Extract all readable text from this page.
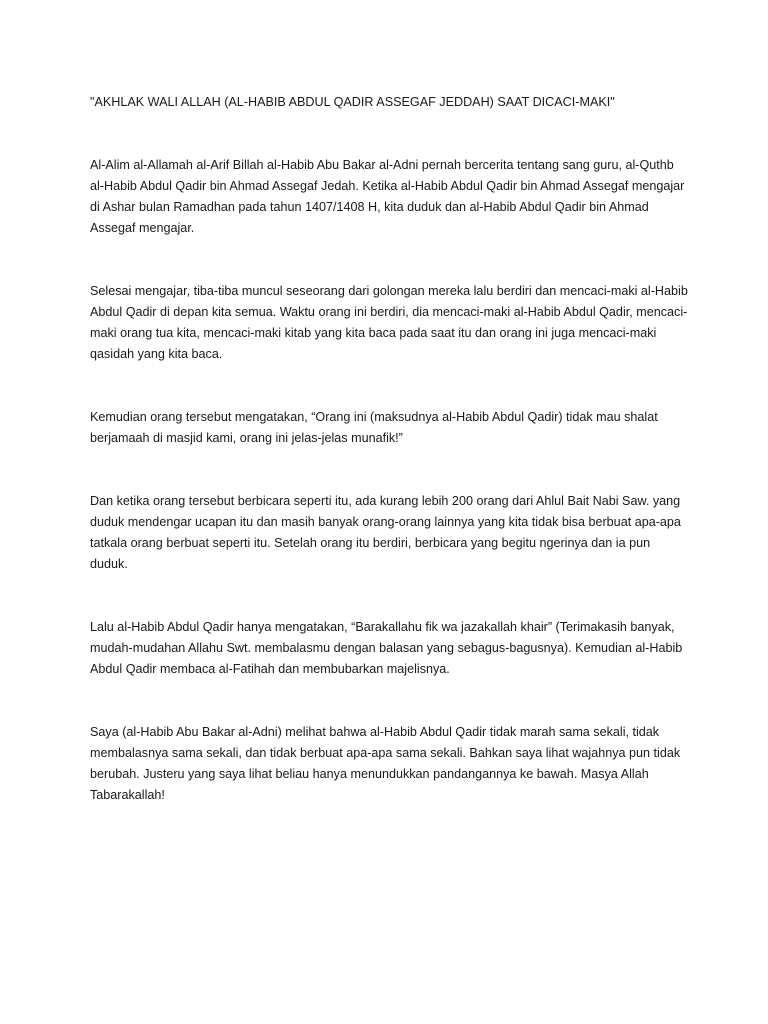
"AKHLAK WALI ALLAH (AL-HABIB ABDUL QADIR ASSEGAF JEDDAH) SAAT DICACI-MAKI"

Al-Alim al-Allamah al-Arif Billah al-Habib Abu Bakar al-Adni pernah bercerita tentang sang guru, al-Quthb al-Habib Abdul Qadir bin Ahmad Assegaf Jedah. Ketika al-Habib Abdul Qadir bin Ahmad Assegaf mengajar di Ashar bulan Ramadhan pada tahun 1407/1408 H, kita duduk dan al-Habib Abdul Qadir bin Ahmad Assegaf mengajar.

Selesai mengajar, tiba-tiba muncul seseorang dari golongan mereka lalu berdiri dan mencaci-maki al-Habib Abdul Qadir di depan kita semua. Waktu orang ini berdiri, dia mencaci-maki al-Habib Abdul Qadir, mencaci-maki orang tua kita, mencaci-maki kitab yang kita baca pada saat itu dan orang ini juga mencaci-maki qasidah yang kita baca.

Kemudian orang tersebut mengatakan, “Orang ini (maksudnya al-Habib Abdul Qadir) tidak mau shalat berjamaah di masjid kami, orang ini jelas-jelas munafik!”

Dan ketika orang tersebut berbicara seperti itu, ada kurang lebih 200 orang dari Ahlul Bait Nabi Saw. yang duduk mendengar ucapan itu dan masih banyak orang-orang lainnya yang kita tidak bisa berbuat apa-apa tatkala orang berbuat seperti itu. Setelah orang itu berdiri, berbicara yang begitu ngerinya dan ia pun duduk.

Lalu al-Habib Abdul Qadir hanya mengatakan, “Barakallahu fik wa jazakallah khair” (Terimakasih banyak, mudah-mudahan Allahu Swt. membalasmu dengan balasan yang sebagus-bagusnya). Kemudian al-Habib Abdul Qadir membaca al-Fatihah dan membubarkan majelisnya.

Saya (al-Habib Abu Bakar al-Adni) melihat bahwa al-Habib Abdul Qadir tidak marah sama sekali, tidak membalasnya sama sekali, dan tidak berbuat apa-apa sama sekali. Bahkan saya lihat wajahnya pun tidak berubah. Justeru yang saya lihat beliau hanya menundukkan pandangannya ke bawah. Masya Allah Tabarakallah!
